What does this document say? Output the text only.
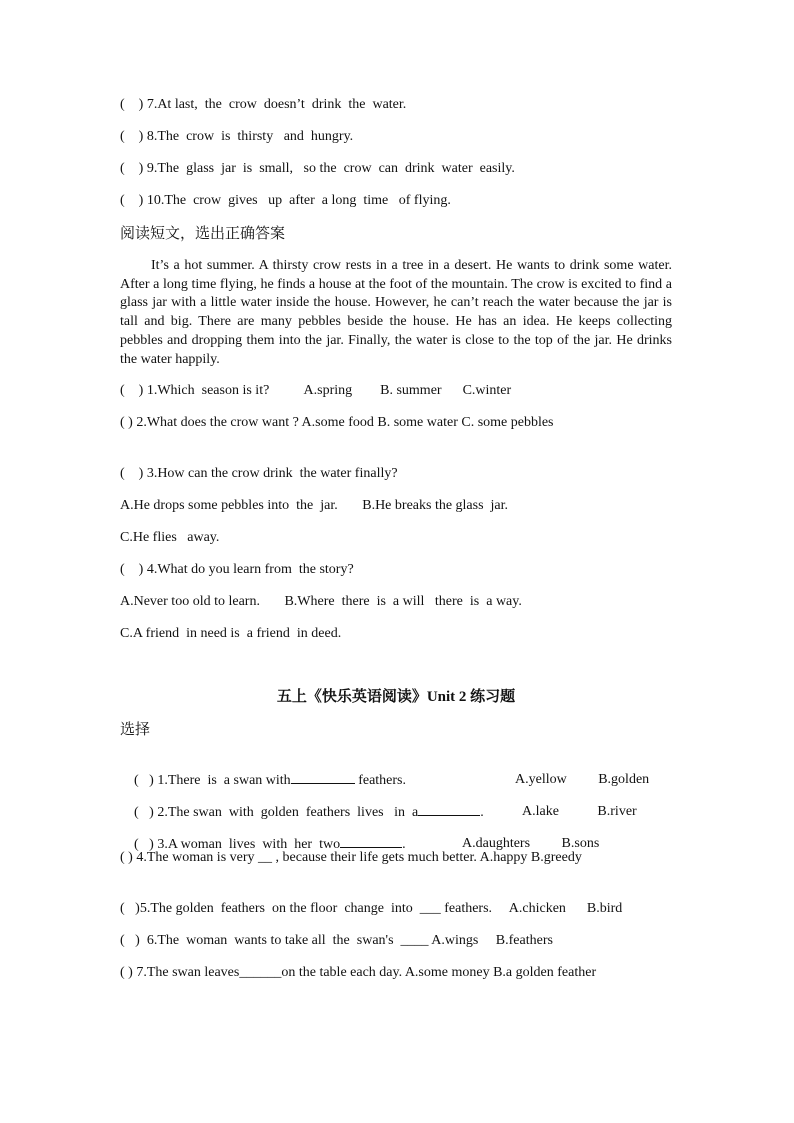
(    ) 7.At last,  the  crow  doesn’t  drink  the  water.
(    ) 8.The  crow  is  thirsty   and  hungry.
(    ) 9.The  glass  jar  is  small,   so the  crow  can  drink  water  easily.
(    ) 10.The  crow  gives   up  after  a long  time   of flying.
阅读短文，选出正确答案
It’s a hot summer. A thirsty crow rests in a tree in a desert. He wants to drink some water. After a long time flying, he finds a house at the foot of the mountain. The crow is excited to find a glass jar with a little water inside the house. However, he can’t reach the water because the jar is tall and big. There are many pebbles beside the house. He has an idea. He keeps collecting pebbles and dropping them into the jar. Finally, the water is close to the top of the jar. He drinks the water happily.
(    ) 1.Which  season is it?          A.spring        B. summer      C.winter
( ) 2.What does the crow want ? A.some food B. some water C. some pebbles
(    ) 3.How can the crow drink  the water finally?
A.He drops some pebbles into  the  jar.       B.He breaks the glass  jar.
C.He flies   away.
(    ) 4.What do you learn from  the story?
A.Never too old to learn.       B.Where  there  is  a will   there  is  a way.
C.A friend  in need is  a friend  in deed.
五上《快乐英语阅读》Unit 2 练习题
选择

(   ) 1.There  is  a swan with	feathers.	A.yellow         B.golden

(   ) 2.The swan  with  golden  feathers  lives   in  a	.	A.lake           B.river

(   ) 3.A woman  lives  with  her  two	.	A.daughters         B.sons

( ) 4.The woman is very __ , because their life gets much better. A.happy B.greedy
(   )5.The golden  feathers  on the floor  change  into  ___ feathers.     A.chicken      B.bird
(   )  6.The  woman  wants to take all  the  swan's  ____ A.wings     B.feathers
( ) 7.The swan leaves______on the table each day. A.some money B.a golden feather
